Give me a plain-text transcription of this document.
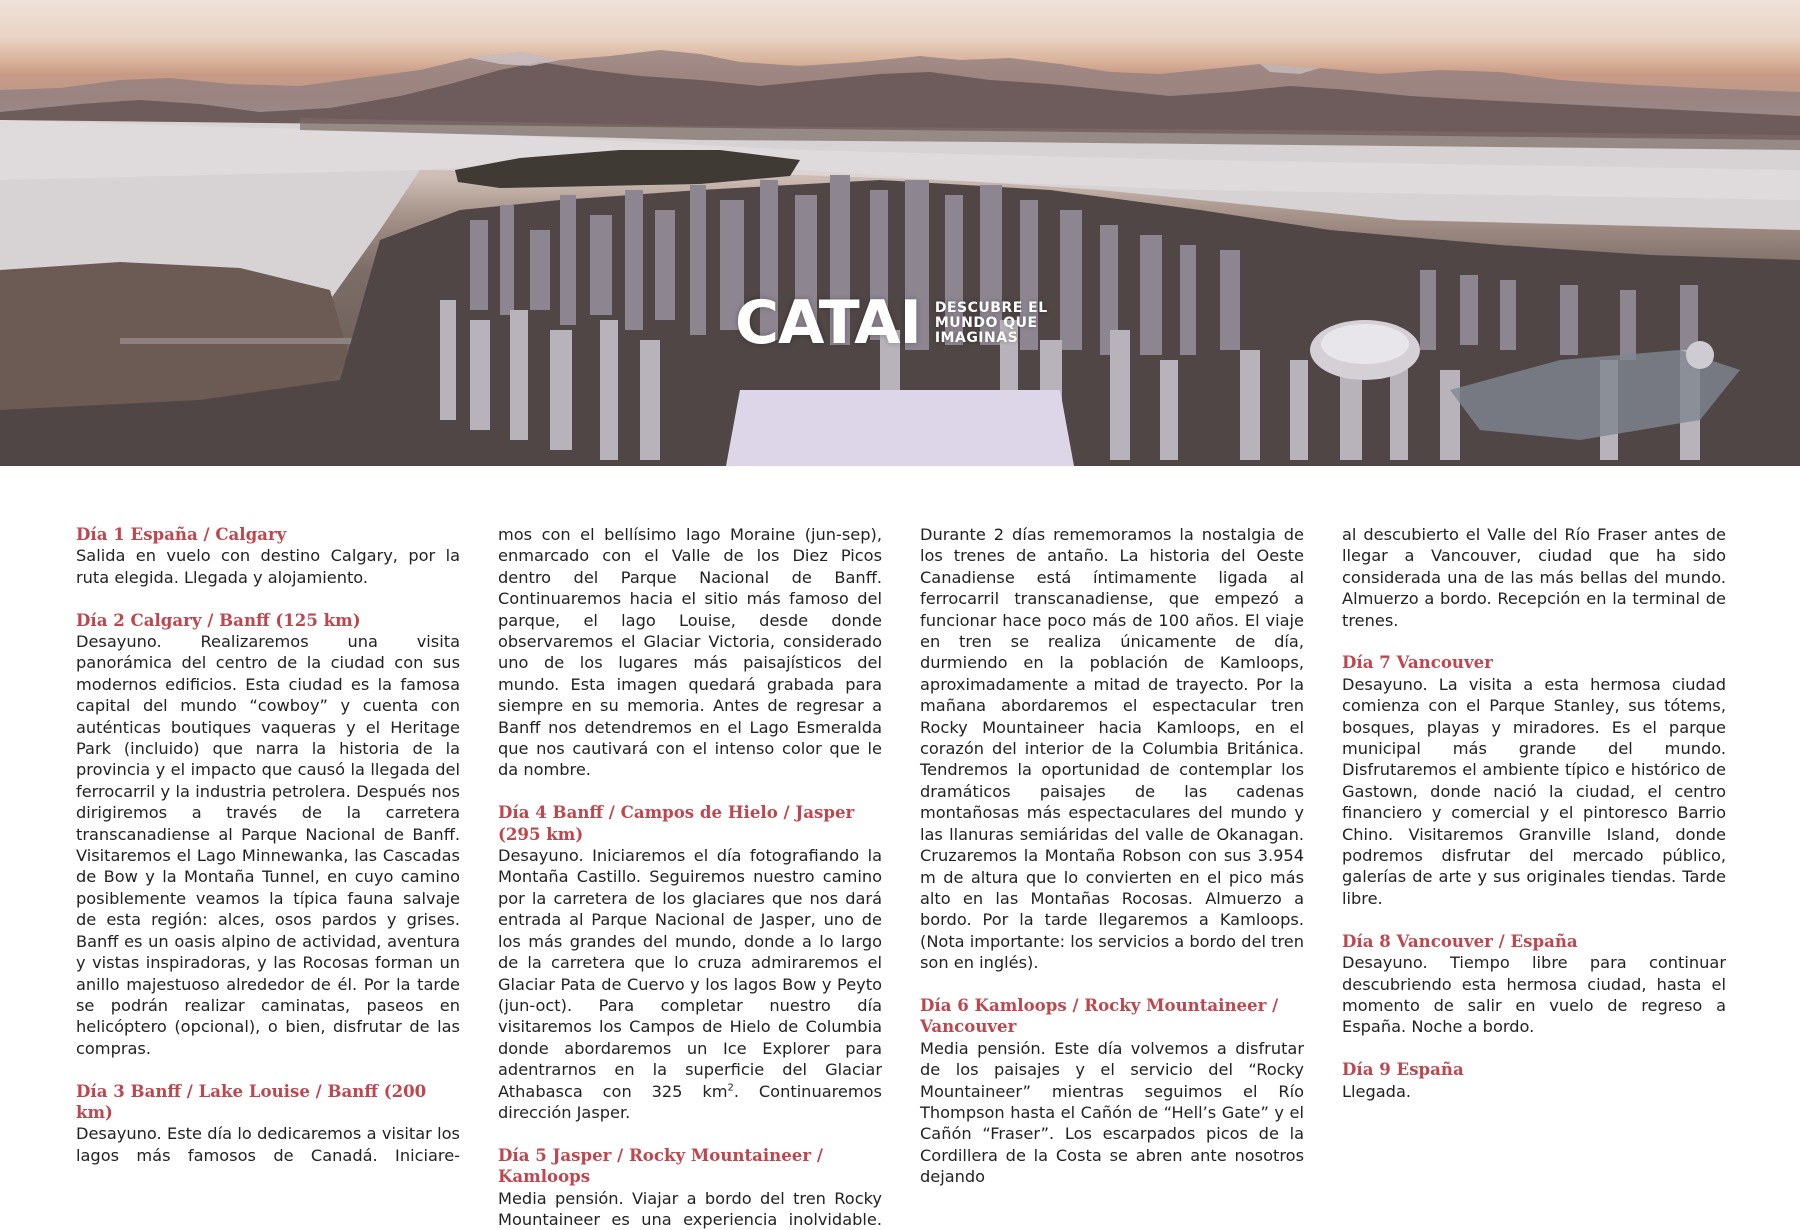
CATAI DESCUBRE EL
MUNDO QUE
IMAGINAS
Día 1 España / Calgary

Salida en vuelo con destino Calgary, por la ruta elegida. Llegada y alojamiento.

Día 2 Calgary / Banff (125 km)

Desayuno. Realizaremos una visita panorámica del centro de la ciudad con sus modernos edificios. Esta ciudad es la famosa capital del mundo “cowboy” y cuenta con auténticas boutiques vaqueras y el Heritage Park (incluido) que narra la historia de la provincia y el impacto que causó la llegada del ferrocarril y la industria petrolera. Después nos dirigiremos a través de la carretera transcanadiense al Parque Nacional de Banff. Visitaremos el Lago Minnewanka, las Cascadas de Bow y la Montaña Tunnel, en cuyo camino posiblemente veamos la típica fauna salvaje de esta región: alces, osos pardos y grises. Banff es un oasis alpino de actividad, aventura y vistas inspiradoras, y las Rocosas forman un anillo majestuoso alrededor de él. Por la tarde se podrán realizar caminatas, paseos en helicóptero (opcional), o bien, disfrutar de las compras.

Día 3 Banff / Lake Louise / Banff (200 km)

Desayuno. Este día lo dedicaremos a visitar los lagos más famosos de Canadá. Iniciare-

mos con el bellísimo lago Moraine (jun-sep), enmarcado con el Valle de los Diez Picos dentro del Parque Nacional de Banff. Continuaremos hacia el sitio más famoso del parque, el lago Louise, desde donde observaremos el Glaciar Victoria, considerado uno de los lugares más paisajísticos del mundo. Esta imagen quedará grabada para siempre en su memoria. Antes de regresar a Banff nos detendremos en el Lago Esmeralda que nos cautivará con el intenso color que le da nombre.

Día 4 Banff / Campos de Hielo / Jasper (295 km)

Desayuno. Iniciaremos el día fotografiando la Montaña Castillo. Seguiremos nuestro camino por la carretera de los glaciares que nos dará entrada al Parque Nacional de Jasper, uno de los más grandes del mundo, donde a lo largo de la carretera que lo cruza admiraremos el Glaciar Pata de Cuervo y los lagos Bow y Peyto (jun-oct). Para completar nuestro día visitaremos los Campos de Hielo de Columbia donde abordaremos un Ice Explorer para adentrarnos en la superficie del Glaciar Athabasca con 325 $km^2$. Continuaremos dirección Jasper.

Día 5 Jasper / Rocky Mountaineer / Kamloops

Media pensión. Viajar a bordo del tren Rocky Mountaineer es una experiencia inolvidable.

Durante 2 días rememoramos la nostalgia de los trenes de antaño. La historia del Oeste Canadiense está íntimamente ligada al ferrocarril transcanadiense, que empezó a funcionar hace poco más de 100 años. El viaje en tren se realiza únicamente de día, durmiendo en la población de Kamloops, aproximadamente a mitad de trayecto. Por la mañana abordaremos el espectacular tren Rocky Mountaineer hacia Kamloops, en el corazón del interior de la Columbia Británica. Tendremos la oportunidad de contemplar los dramáticos paisajes de las cadenas montañosas más espectaculares del mundo y las llanuras semiáridas del valle de Okanagan. Cruzaremos la Montaña Robson con sus 3.954 m de altura que lo convierten en el pico más alto en las Montañas Rocosas. Almuerzo a bordo. Por la tarde llegaremos a Kamloops. (Nota importante: los servicios a bordo del tren son en inglés).

Día 6 Kamloops / Rocky Mountaineer / Vancouver

Media pensión. Este día volvemos a disfrutar de los paisajes y el servicio del “Rocky Mountaineer” mientras seguimos el Río Thompson hasta el Cañón de “Hell’s Gate” y el Cañón “Fraser”. Los escarpados picos de la Cordillera de la Costa se abren ante nosotros dejando

al descubierto el Valle del Río Fraser antes de llegar a Vancouver, ciudad que ha sido considerada una de las más bellas del mundo. Almuerzo a bordo. Recepción en la terminal de trenes.

Día 7 Vancouver

Desayuno. La visita a esta hermosa ciudad comienza con el Parque Stanley, sus tótems, bosques, playas y miradores. Es el parque municipal más grande del mundo. Disfrutaremos el ambiente típico e histórico de Gastown, donde nació la ciudad, el centro financiero y comercial y el pintoresco Barrio Chino. Visitaremos Granville Island, donde podremos disfrutar del mercado público, galerías de arte y sus originales tiendas. Tarde libre.

Día 8 Vancouver / España

Desayuno. Tiempo libre para continuar descubriendo esta hermosa ciudad, hasta el momento de salir en vuelo de regreso a España. Noche a bordo.

Día 9 España

Llegada.
